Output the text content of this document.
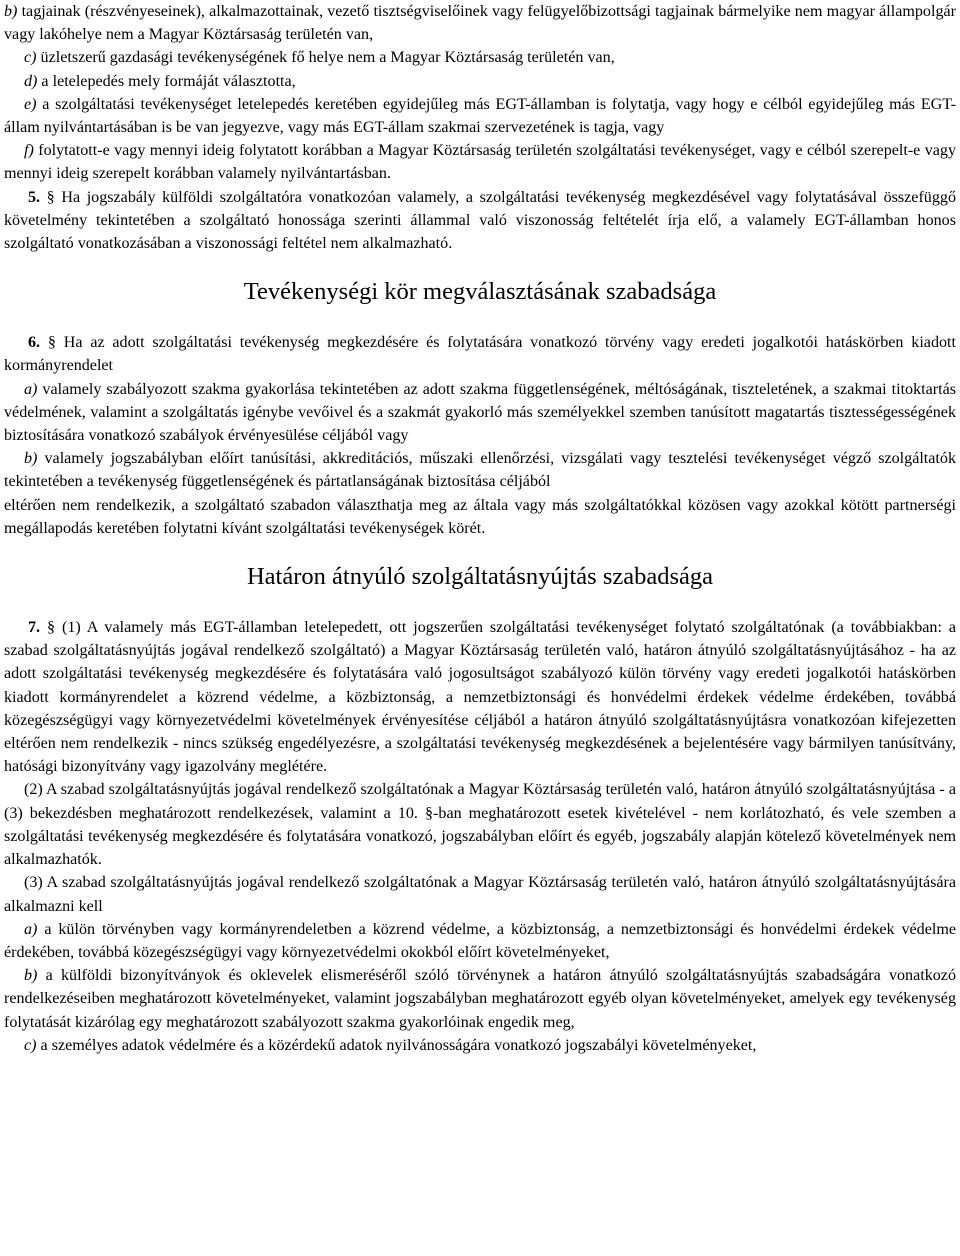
b) tagjainak (részvényeseinek), alkalmazottainak, vezető tisztségviselőinek vagy felügyelőbizottsági tagjainak bármelyike nem magyar állampolgár vagy lakóhelye nem a Magyar Köztársaság területén van,

c) üzletszerű gazdasági tevékenységének fő helye nem a Magyar Köztársaság területén van,

d) a letelepedés mely formáját választotta,

e) a szolgáltatási tevékenységet letelepedés keretében egyidejűleg más EGT-államban is folytatja, vagy hogy e célból egyidejűleg más EGT-állam nyilvántartásában is be van jegyezve, vagy más EGT-állam szakmai szervezetének is tagja, vagy

f) folytatott-e vagy mennyi ideig folytatott korábban a Magyar Köztársaság területén szolgáltatási tevékenységet, vagy e célból szerepelt-e vagy mennyi ideig szerepelt korábban valamely nyilvántartásban.

5. § Ha jogszabály külföldi szolgáltatóra vonatkozóan valamely, a szolgáltatási tevékenység megkezdésével vagy folytatásával összefüggő követelmény tekintetében a szolgáltató honossága szerinti állammal való viszonosság feltételét írja elő, a valamely EGT-államban honos szolgáltató vonatkozásában a viszonossági feltétel nem alkalmazható.

Tevékenységi kör megválasztásának szabadsága

6. § Ha az adott szolgáltatási tevékenység megkezdésére és folytatására vonatkozó törvény vagy eredeti jogalkotói hatáskörben kiadott kormányrendelet

a) valamely szabályozott szakma gyakorlása tekintetében az adott szakma függetlenségének, méltóságának, tiszteletének, a szakmai titoktartás védelmének, valamint a szolgáltatás igénybe vevőivel és a szakmát gyakorló más személyekkel szemben tanúsított magatartás tisztességességének biztosítására vonatkozó szabályok érvényesülése céljából vagy

b) valamely jogszabályban előírt tanúsítási, akkreditációs, műszaki ellenőrzési, vizsgálati vagy tesztelési tevékenységet végző szolgáltatók tekintetében a tevékenység függetlenségének és pártatlanságának biztosítása céljából

eltérően nem rendelkezik, a szolgáltató szabadon választhatja meg az általa vagy más szolgáltatókkal közösen vagy azokkal kötött partnerségi megállapodás keretében folytatni kívánt szolgáltatási tevékenységek körét.

Határon átnyúló szolgáltatásnyújtás szabadsága

7. § (1) A valamely más EGT-államban letelepedett, ott jogszerűen szolgáltatási tevékenységet folytató szolgáltatónak (a továbbiakban: a szabad szolgáltatásnyújtás jogával rendelkező szolgáltató) a Magyar Köztársaság területén való, határon átnyúló szolgáltatásnyújtásához - ha az adott szolgáltatási tevékenység megkezdésére és folytatására való jogosultságot szabályozó külön törvény vagy eredeti jogalkotói hatáskörben kiadott kormányrendelet a közrend védelme, a közbiztonság, a nemzetbiztonsági és honvédelmi érdekek védelme érdekében, továbbá közegészségügyi vagy környezetvédelmi követelmények érvényesítése céljából a határon átnyúló szolgáltatásnyújtásra vonatkozóan kifejezetten eltérően nem rendelkezik - nincs szükség engedélyezésre, a szolgáltatási tevékenység megkezdésének a bejelentésére vagy bármilyen tanúsítvány, hatósági bizonyítvány vagy igazolvány meglétére.

(2) A szabad szolgáltatásnyújtás jogával rendelkező szolgáltatónak a Magyar Köztársaság területén való, határon átnyúló szolgáltatásnyújtása - a (3) bekezdésben meghatározott rendelkezések, valamint a 10. §-ban meghatározott esetek kivételével - nem korlátozható, és vele szemben a szolgáltatási tevékenység megkezdésére és folytatására vonatkozó, jogszabályban előírt és egyéb, jogszabály alapján kötelező követelmények nem alkalmazhatók.

(3) A szabad szolgáltatásnyújtás jogával rendelkező szolgáltatónak a Magyar Köztársaság területén való, határon átnyúló szolgáltatásnyújtására alkalmazni kell

a) a külön törvényben vagy kormányrendeletben a közrend védelme, a közbiztonság, a nemzetbiztonsági és honvédelmi érdekek védelme érdekében, továbbá közegészségügyi vagy környezetvédelmi okokból előírt követelményeket,

b) a külföldi bizonyítványok és oklevelek elismeréséről szóló törvénynek a határon átnyúló szolgáltatásnyújtás szabadságára vonatkozó rendelkezéseiben meghatározott követelményeket, valamint jogszabályban meghatározott egyéb olyan követelményeket, amelyek egy tevékenység folytatását kizárólag egy meghatározott szabályozott szakma gyakorlóinak engedik meg,

c) a személyes adatok védelmére és a közérdekű adatok nyilvánosságára vonatkozó jogszabályi követelményeket,
